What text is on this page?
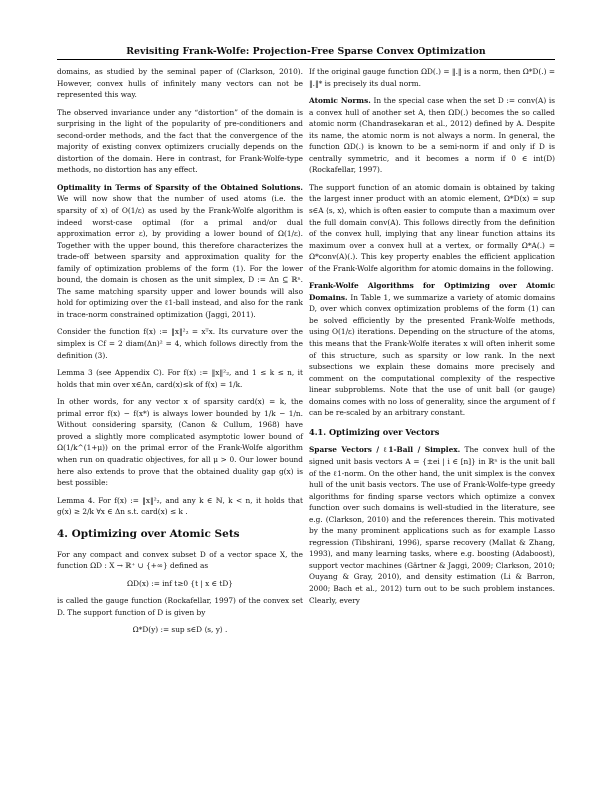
Revisiting Frank-Wolfe: Projection-Free Sparse Convex Optimization

domains, as studied by the seminal paper of (Clarkson, 2010). However, convex hulls of infinitely many vectors can not be represented this way.

The observed invariance under any “distortion” of the domain is surprising in the light of the popularity of pre-conditioners and second-order methods, and the fact that the convergence of the majority of existing convex optimizers crucially depends on the distortion of the domain. Here in contrast, for Frank-Wolfe-type methods, no distortion has any effect.

Optimality in Terms of Sparsity of the Obtained Solutions. We will now show that the number of used atoms (i.e. the sparsity of x) of O(1/ε) as used by the Frank-Wolfe algorithm is indeed worst-case optimal (for a primal and/or dual approximation error ε), by providing a lower bound of Ω(1/ε). Together with the upper bound, this therefore characterizes the trade-off between sparsity and approximation quality for the family of optimization problems of the form (1). For the lower bound, the domain is chosen as the unit simplex, D := Δn ⊆ ℝⁿ. The same matching sparsity upper and lower bounds will also hold for optimizing over the ℓ1-ball instead, and also for the rank in trace-norm constrained optimization (Jaggi, 2011).

Consider the function f(x) := ‖x‖²₂ = xᵀx. Its curvature over the simplex is Cf = 2 diam(Δn)² = 4, which follows directly from the definition (3).

Lemma 3 (see Appendix C). For f(x) := ‖x‖²₂, and 1 ≤ k ≤ n, it holds that min over x∈Δn, card(x)≤k of f(x) = 1/k.

In other words, for any vector x of sparsity card(x) = k, the primal error f(x) − f(x*) is always lower bounded by 1/k − 1/n. Without considering sparsity, (Canon & Cullum, 1968) have proved a slightly more complicated asymptotic lower bound of Ω(1/k^(1+μ)) on the primal error of the Frank-Wolfe algorithm when run on quadratic objectives, for all μ > 0. Our lower bound here also extends to prove that the obtained duality gap g(x) is best possible:

Lemma 4. For f(x) := ‖x‖²₂, and any k ∈ ℕ, k < n, it holds that g(x) ≥ 2/k ∀x ∈ Δn s.t. card(x) ≤ k .

4. Optimizing over Atomic Sets

For any compact and convex subset D of a vector space X, the function ΩD : X → ℝ⁺ ∪ {+∞} defined as

ΩD(x) := inf t≥0 {t | x ∈ tD}

is called the gauge function (Rockafellar, 1997) of the convex set D. The support function of D is given by

Ω*D(y) := sup s∈D ⟨s, y⟩ .

If the original gauge function ΩD(.) = ‖.‖ is a norm, then Ω*D(.) = ‖.‖* is precisely its dual norm.

Atomic Norms. In the special case when the set D := conv(A) is a convex hull of another set A, then ΩD(.) becomes the so called atomic norm (Chandrasekaran et al., 2012) defined by A. Despite its name, the atomic norm is not always a norm. In general, the function ΩD(.) is known to be a semi-norm if and only if D is centrally symmetric, and it becomes a norm if 0 ∈ int(D) (Rockafellar, 1997).

The support function of an atomic domain is obtained by taking the largest inner product with an atomic element, Ω*D(x) = sup s∈A ⟨s, x⟩, which is often easier to compute than a maximum over the full domain conv(A). This follows directly from the definition of the convex hull, implying that any linear function attains its maximum over a convex hull at a vertex, or formally Ω*A(.) = Ω*conv(A)(.). This key property enables the efficient application of the Frank-Wolfe algorithm for atomic domains in the following.

Frank-Wolfe Algorithms for Optimizing over Atomic Domains. In Table 1, we summarize a variety of atomic domains D, over which convex optimization problems of the form (1) can be solved efficiently by the presented Frank-Wolfe methods, using O(1/ε) iterations. Depending on the structure of the atoms, this means that the Frank-Wolfe iterates x will often inherit some of this structure, such as sparsity or low rank. In the next subsections we explain these domains more precisely and comment on the computational complexity of the respective linear subproblems. Note that the use of unit ball (or gauge) domains comes with no loss of generality, since the argument of f can be re-scaled by an arbitrary constant.

4.1. Optimizing over Vectors

Sparse Vectors / ℓ1-Ball / Simplex. The convex hull of the signed unit basis vectors A = {±ei | i ∈ [n]} in ℝⁿ is the unit ball of the ℓ1-norm. On the other hand, the unit simplex is the convex hull of the unit basis vectors. The use of Frank-Wolfe-type greedy algorithms for finding sparse vectors which optimize a convex function over such domains is well-studied in the literature, see e.g. (Clarkson, 2010) and the references therein. This motivated by the many prominent applications such as for example Lasso regression (Tibshirani, 1996), sparse recovery (Mallat & Zhang, 1993), and many learning tasks, where e.g. boosting (Adaboost), support vector machines (Gärtner & Jaggi, 2009; Clarkson, 2010; Ouyang & Gray, 2010), and density estimation (Li & Barron, 2000; Bach et al., 2012) turn out to be such problem instances. Clearly, every
